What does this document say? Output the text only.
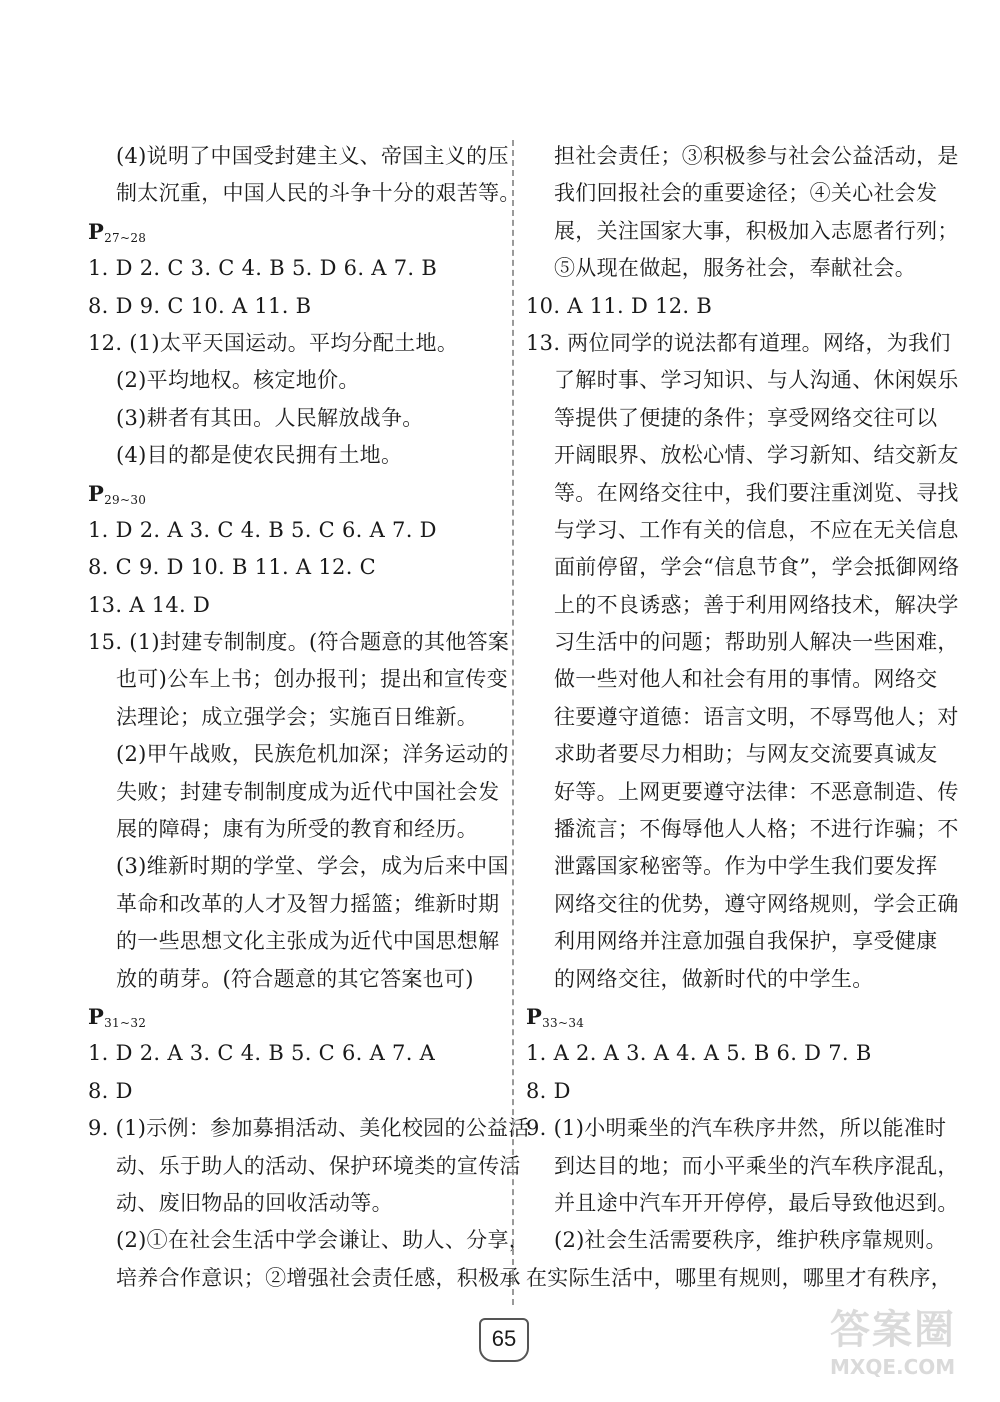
(4)说明了中国受封建主义、帝国主义的压
制太沉重，中国人民的斗争十分的艰苦等。
$P_{27\sim 28}$
1. D 2. C 3. C 4. B 5. D 6. A 7. B
8. D 9. C 10. A 11. B
12. (1)太平天国运动。平均分配土地。
(2)平均地权。核定地价。
(3)耕者有其田。人民解放战争。
(4)目的都是使农民拥有土地。
$P_{29\sim 30}$
1. D 2. A 3. C 4. B 5. C 6. A 7. D
8. C 9. D 10. B 11. A 12. C
13. A 14. D
15. (1)封建专制制度。(符合题意的其他答案
也可)公车上书；创办报刊；提出和宣传变
法理论；成立强学会；实施百日维新。
(2)甲午战败，民族危机加深；洋务运动的
失败；封建专制制度成为近代中国社会发
展的障碍；康有为所受的教育和经历。
(3)维新时期的学堂、学会，成为后来中国
革命和改革的人才及智力摇篮；维新时期
的一些思想文化主张成为近代中国思想解
放的萌芽。(符合题意的其它答案也可)
$P_{31\sim 32}$
1. D 2. A 3. C 4. B 5. C 6. A 7. A
8. D
9. (1)示例：参加募捐活动、美化校园的公益活
动、乐于助人的活动、保护环境类的宣传活
动、废旧物品的回收活动等。
(2)①在社会生活中学会谦让、助人、分享，
培养合作意识；②增强社会责任感，积极承
担社会责任；③积极参与社会公益活动，是
我们回报社会的重要途径；④关心社会发
展，关注国家大事，积极加入志愿者行列；
⑤从现在做起，服务社会，奉献社会。
10. A 11. D 12. B
13. 两位同学的说法都有道理。网络，为我们
了解时事、学习知识、与人沟通、休闲娱乐
等提供了便捷的条件；享受网络交往可以
开阔眼界、放松心情、学习新知、结交新友
等。在网络交往中，我们要注重浏览、寻找
与学习、工作有关的信息，不应在无关信息
面前停留，学会“信息节食”，学会抵御网络
上的不良诱惑；善于利用网络技术，解决学
习生活中的问题；帮助别人解决一些困难，
做一些对他人和社会有用的事情。网络交
往要遵守道德：语言文明，不辱骂他人；对
求助者要尽力相助；与网友交流要真诚友
好等。上网更要遵守法律：不恶意制造、传
播流言；不侮辱他人人格；不进行诈骗；不
泄露国家秘密等。作为中学生我们要发挥
网络交往的优势，遵守网络规则，学会正确
利用网络并注意加强自我保护，享受健康
的网络交往，做新时代的中学生。
$P_{33\sim 34}$
1. A 2. A 3. A 4. A 5. B 6. D 7. B
8. D
9. (1)小明乘坐的汽车秩序井然，所以能准时
到达目的地；而小平乘坐的汽车秩序混乱，
并且途中汽车开开停停，最后导致他迟到。
(2)社会生活需要秩序，维护秩序靠规则。
在实际生活中，哪里有规则，哪里才有秩序，
65	答案圈
MXQE.COM
